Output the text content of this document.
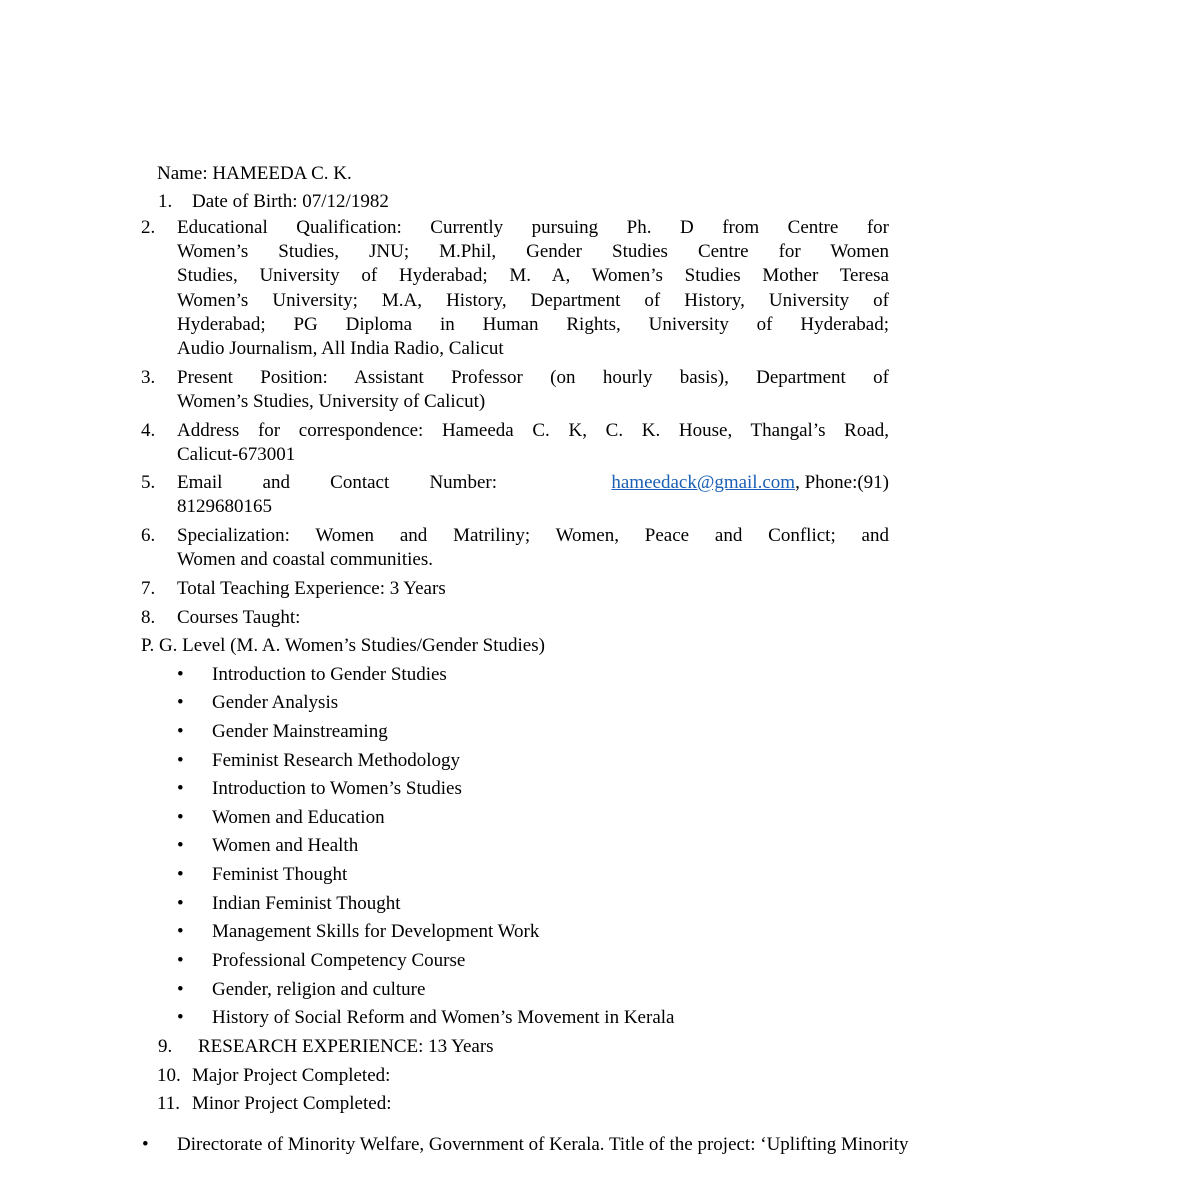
Name: HAMEEDA C. K.
1. Date of Birth: 07/12/1982
2. Educational Qualification: Currently pursuing Ph. D from Centre for
Women’s Studies, JNU; M.Phil, Gender Studies Centre for Women
Studies, University of Hyderabad; M. A, Women’s Studies Mother Teresa
Women’s University; M.A, History, Department of History, University of
Hyderabad; PG Diploma in Human Rights, University of Hyderabad;
Audio Journalism, All India Radio, Calicut
3. Present Position: Assistant Professor (on hourly basis), Department of
Women’s Studies, University of Calicut)
4. Address for correspondence: Hameeda C. K, C. K. House, Thangal’s Road,
Calicut-673001
5. Email and Contact Number:	hameedack@gmail.com, Phone:(91)
8129680165
6. Specialization: Women and Matriliny; Women, Peace and Conflict; and
Women and coastal communities.
7. Total Teaching Experience: 3 Years
8. Courses Taught:
P. G. Level (M. A. Women’s Studies/Gender Studies)
• Introduction to Gender Studies
• Gender Analysis
• Gender Mainstreaming
• Feminist Research Methodology
• Introduction to Women’s Studies
• Women and Education
• Women and Health
• Feminist Thought
• Indian Feminist Thought
• Management Skills for Development Work
• Professional Competency Course
• Gender, religion and culture
• History of Social Reform and Women’s Movement in Kerala
9. RESEARCH EXPERIENCE: 13 Years
10. Major Project Completed:
11. Minor Project Completed:
• Directorate of Minority Welfare, Government of Kerala. Title of the project: ‘Uplifting Minority
